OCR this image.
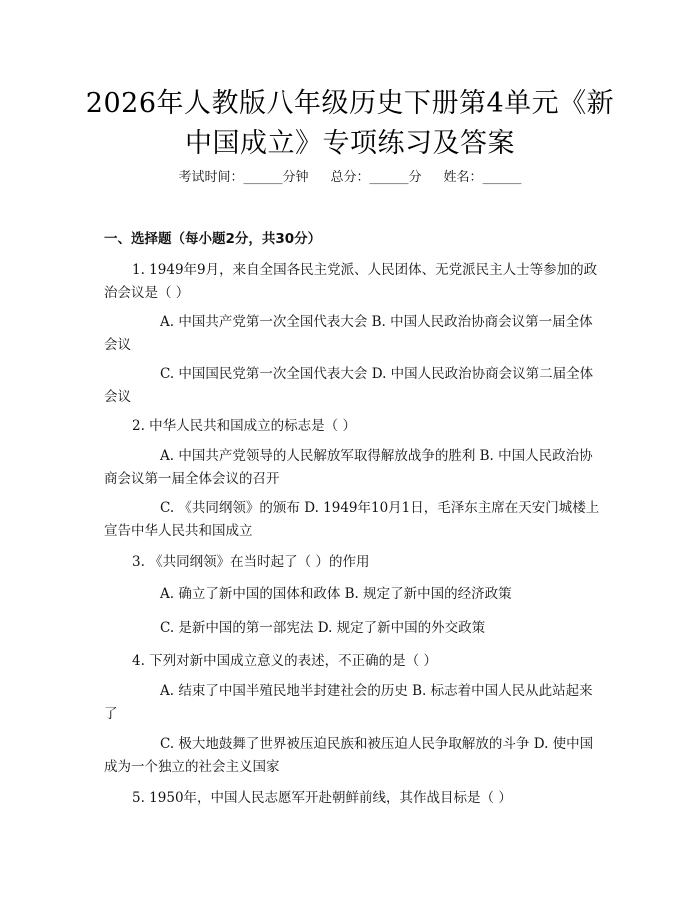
2026年人教版八年级历史下册第4单元《新
中国成立》专项练习及答案
考试时间：______分钟 总分：______分 姓名：______
一、选择题（每小题2分，共30分）
1. 1949年9月，来自全国各民主党派、人民团体、无党派民主人士等参加的政治会议是（ ）
A. 中国共产党第一次全国代表大会 B. 中国人民政治协商会议第一届全体会议
C. 中国国民党第一次全国代表大会 D. 中国人民政治协商会议第二届全体会议
2. 中华人民共和国成立的标志是（ ）
A. 中国共产党领导的人民解放军取得解放战争的胜利 B. 中国人民政治协商会议第一届全体会议的召开
C. 《共同纲领》的颁布 D. 1949年10月1日，毛泽东主席在天安门城楼上宣告中华人民共和国成立
3. 《共同纲领》在当时起了（ ）的作用
A. 确立了新中国的国体和政体 B. 规定了新中国的经济政策
C. 是新中国的第一部宪法 D. 规定了新中国的外交政策
4. 下列对新中国成立意义的表述，不正确的是（ ）
A. 结束了中国半殖民地半封建社会的历史 B. 标志着中国人民从此站起来了
C. 极大地鼓舞了世界被压迫民族和被压迫人民争取解放的斗争 D. 使中国成为一个独立的社会主义国家
5. 1950年，中国人民志愿军开赴朝鲜前线，其作战目标是（ ）
